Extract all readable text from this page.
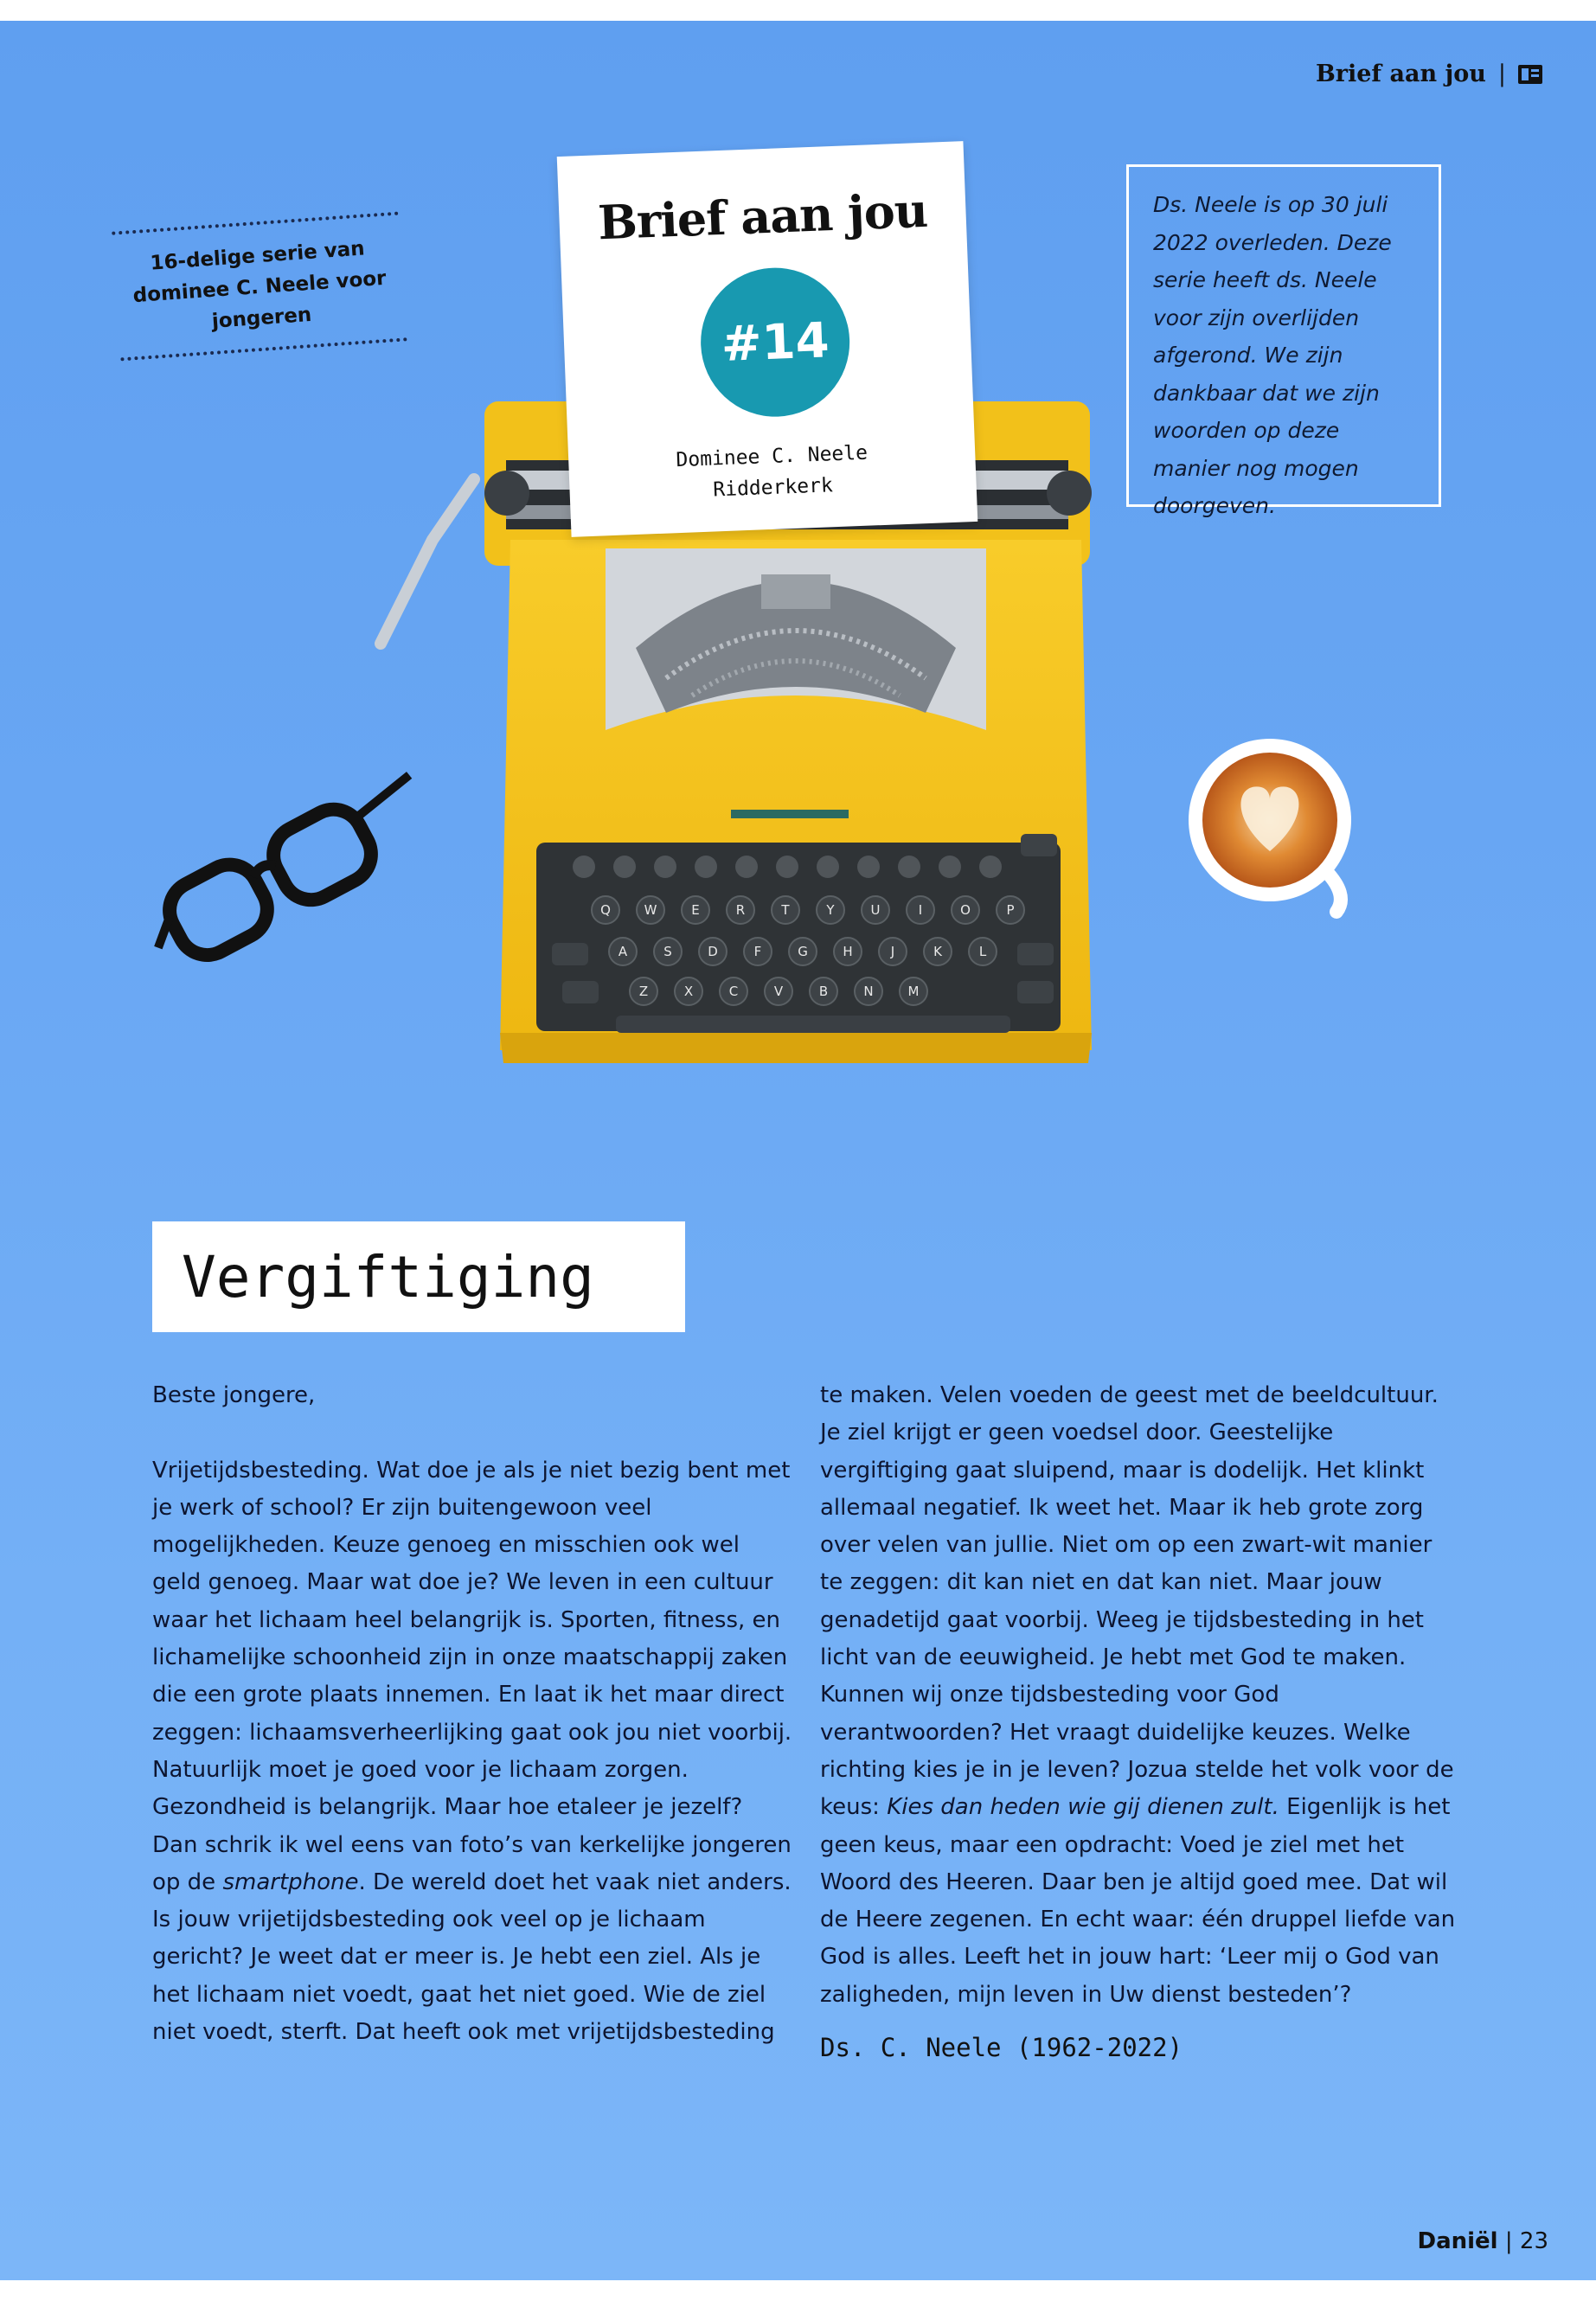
Brief aan jou |
16-delige serie van dominee C. Neele voor jongeren

Ds. Neele is op 30 juli 2022 overleden. Deze serie heeft ds. Neele voor zijn overlijden afgerond. We zijn dankbaar dat we zijn woorden op deze manier nog mogen doorgeven.

Q	W	E	R	T	Y	U	I	O	P
A	S	D	F	G	H	J	K	L
Z	X	C	V	B	N	M
Brief aan jou
#14
Dominee C. Neele
Ridderkerk
Vergiftiging

Beste jongere,

Vrijetijdsbesteding. Wat doe je als je niet bezig bent met je werk of school? Er zijn buitengewoon veel mogelijkheden. Keuze genoeg en misschien ook wel geld genoeg. Maar wat doe je? We leven in een cultuur waar het lichaam heel belangrijk is. Sporten, fitness, en lichamelijke schoonheid zijn in onze maatschappij zaken die een grote plaats innemen. En laat ik het maar direct zeggen: lichaamsverheerlijking gaat ook jou niet voorbij. Natuurlijk moet je goed voor je lichaam zorgen. Gezondheid is belangrijk. Maar hoe etaleer je jezelf? Dan schrik ik wel eens van foto’s van kerkelijke jongeren op de smartphone. De wereld doet het vaak niet anders. Is jouw vrijetijdsbesteding ook veel op je lichaam gericht? Je weet dat er meer is. Je hebt een ziel. Als je het lichaam niet voedt, gaat het niet goed. Wie de ziel niet voedt, sterft. Dat heeft ook met vrijetijdsbesteding

te maken. Velen voeden de geest met de beeldcultuur. Je ziel krijgt er geen voedsel door. Geestelijke vergiftiging gaat sluipend, maar is dodelijk. Het klinkt allemaal negatief. Ik weet het. Maar ik heb grote zorg over velen van jullie. Niet om op een zwart-wit manier te zeggen: dit kan niet en dat kan niet. Maar jouw genadetijd gaat voorbij. Weeg je tijdsbesteding in het licht van de eeuwigheid. Je hebt met God te maken. Kunnen wij onze tijdsbesteding voor God verantwoorden? Het vraagt duidelijke keuzes. Welke richting kies je in je leven? Jozua stelde het volk voor de keus: Kies dan heden wie gij dienen zult. Eigenlijk is het geen keus, maar een opdracht: Voed je ziel met het Woord des Heeren. Daar ben je altijd goed mee. Dat wil de Heere zegenen. En echt waar: één druppel liefde van God is alles. Leeft het in jouw hart: ‘Leer mij o God van zaligheden, mijn leven in Uw dienst besteden’?

Ds. C. Neele (1962-2022)

Daniël | 23
